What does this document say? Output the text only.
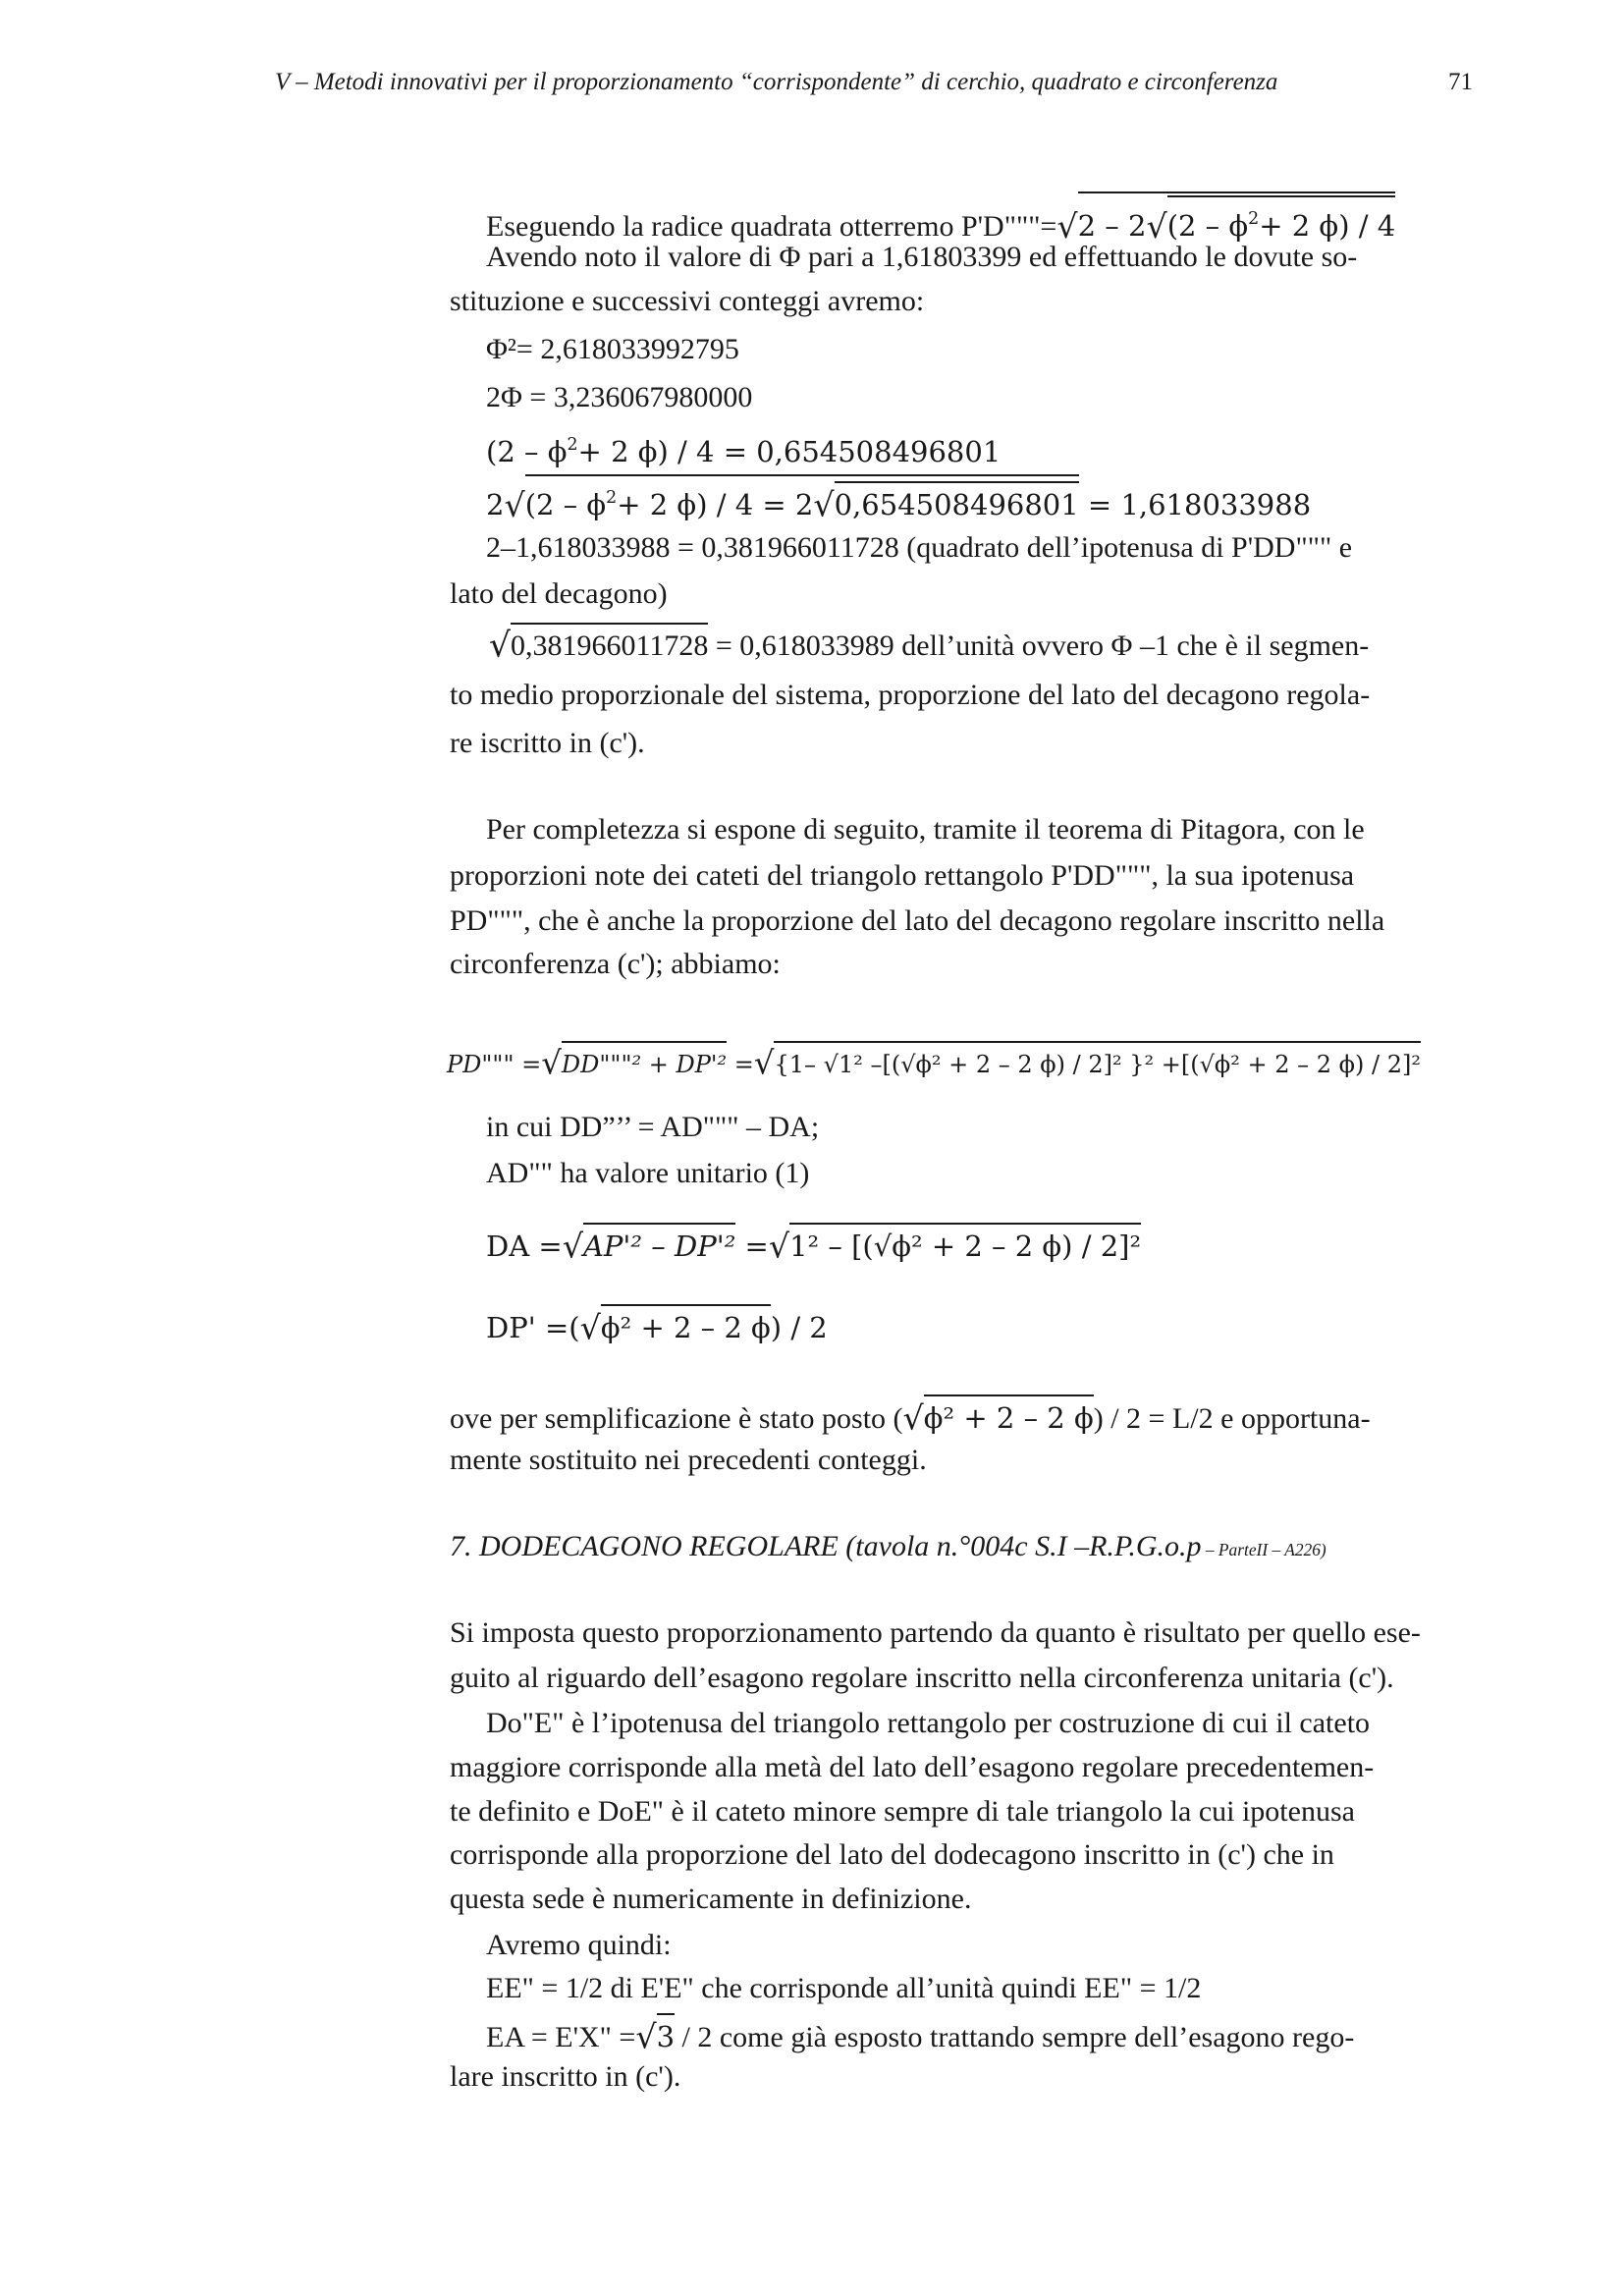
V – Metodi innovativi per il proporzionamento “corrispondente” di cerchio, quadrato e circonferenza	71
Eseguendo la radice quadrata otterremo P'D"""=√2 – $2√(2 - \phi^2+ 2$ ϕ) / 4
Avendo noto il valore di Φ pari a 1,61803399 ed effettuando le dovute so-
stituzione e successivi conteggi avremo:
Φ²= 2,618033992795
2Φ = 3,236067980000
($2 - \phi^2+ 2$ ϕ) / 4 = 0,654508496801
$2√(2 - \phi^2+ 2$ ϕ) / 4 = 2√0,654508496801 = 1,618033988
2–1,618033988 = 0,381966011728 (quadrato dell’ipotenusa di P'DD""" e
lato del decagono)
√0,381966011728 = 0,618033989 dell’unità ovvero Φ –1 che è il segmen-
to medio proporzionale del sistema, proporzione del lato del decagono regola-
re iscritto in (c').
Per completezza si espone di seguito, tramite il teorema di Pitagora, con le
proporzioni note dei cateti del triangolo rettangolo P'DD""", la sua ipotenusa
PD""", che è anche la proporzione del lato del decagono regolare inscritto nella
circonferenza (c'); abbiamo:
PD""" =√DD"""² + DP'² =√{1– √1² –[(√ϕ² + 2 – 2 ϕ) / 2]² }² +[(√ϕ² + 2 – 2 ϕ) / 2]²
in cui DD”’’ = AD""" – DA;
AD"" ha valore unitario (1)
DA =√AP'² – DP'² =√1² – [(√ϕ² + 2 – 2 ϕ) / 2]²
DP' =(√ϕ² + 2 – 2 ϕ) / 2
ove per semplificazione è stato posto (√ϕ² + 2 – 2 ϕ) / 2 = L/2 e opportuna-
mente sostituito nei precedenti conteggi.
7. DODECAGONO REGOLARE (tavola n.°004c S.I –R.P.G.o.p – ParteII – A226)
Si imposta questo proporzionamento partendo da quanto è risultato per quello ese-
guito al riguardo dell’esagono regolare inscritto nella circonferenza unitaria (c').
Do"E" è l’ipotenusa del triangolo rettangolo per costruzione di cui il cateto
maggiore corrisponde alla metà del lato dell’esagono regolare precedentemen-
te definito e DoE" è il cateto minore sempre di tale triangolo la cui ipotenusa
corrisponde alla proporzione del lato del dodecagono inscritto in (c') che in
questa sede è numericamente in definizione.
Avremo quindi:
EE" = 1/2 di E'E" che corrisponde all’unità quindi EE" = 1/2
EA = E'X" =√3 / 2 come già esposto trattando sempre dell’esagono rego-
lare inscritto in (c').
